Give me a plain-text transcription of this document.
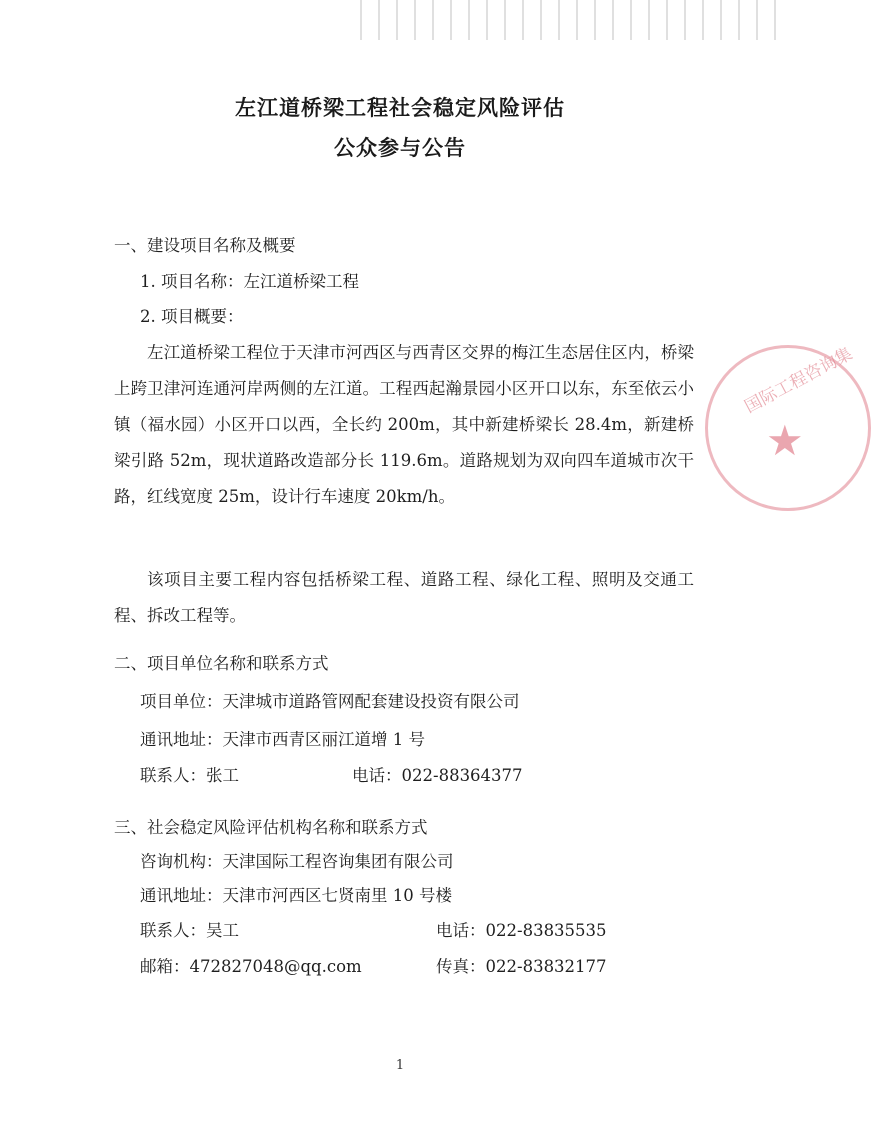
左江道桥梁工程社会稳定风险评估
公众参与公告
一、建设项目名称及概要
1. 项目名称：左江道桥梁工程
2. 项目概要：
左江道桥梁工程位于天津市河西区与西青区交界的梅江生态居住区内，桥梁上跨卫津河连通河岸两侧的左江道。工程西起瀚景园小区开口以东，东至依云小镇（福水园）小区开口以西，全长约 200m，其中新建桥梁长 28.4m，新建桥梁引路 52m，现状道路改造部分长 119.6m。道路规划为双向四车道城市次干路，红线宽度 25m，设计行车速度 20km/h。
该项目主要工程内容包括桥梁工程、道路工程、绿化工程、照明及交通工程、拆改工程等。
二、项目单位名称和联系方式
项目单位：天津城市道路管网配套建设投资有限公司
通讯地址：天津市西青区丽江道增 1 号
联系人：张工	电话：022-88364377
三、社会稳定风险评估机构名称和联系方式
咨询机构：天津国际工程咨询集团有限公司
通讯地址：天津市河西区七贤南里 10 号楼
联系人：吴工	电话：022-83835535
邮箱：472827048@qq.com	传真：022-83832177
国际工程咨询集
★
1
